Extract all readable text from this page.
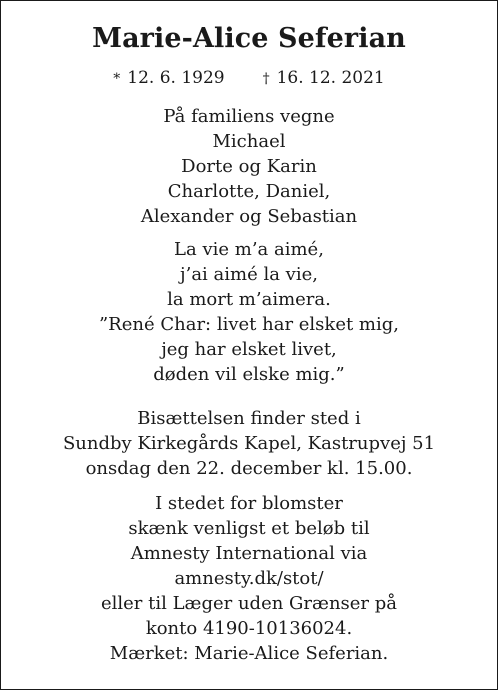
Marie-Alice Seferian
* 12. 6. 1929	† 16. 12. 2021
På familiens vegne
Michael
Dorte og Karin
Charlotte, Daniel,
Alexander og Sebastian
La vie m’a aimé,
j’ai aimé la vie,
la mort m’aimera.
”René Char: livet har elsket mig,
jeg har elsket livet,
døden vil elske mig.”
Bisættelsen finder sted i
Sundby Kirkegårds Kapel, Kastrupvej 51
onsdag den 22. december kl. 15.00.
I stedet for blomster
skænk venligst et beløb til
Amnesty International via
amnesty.dk/stot/
eller til Læger uden Grænser på
konto 4190-10136024.
Mærket: Marie-Alice Seferian.
